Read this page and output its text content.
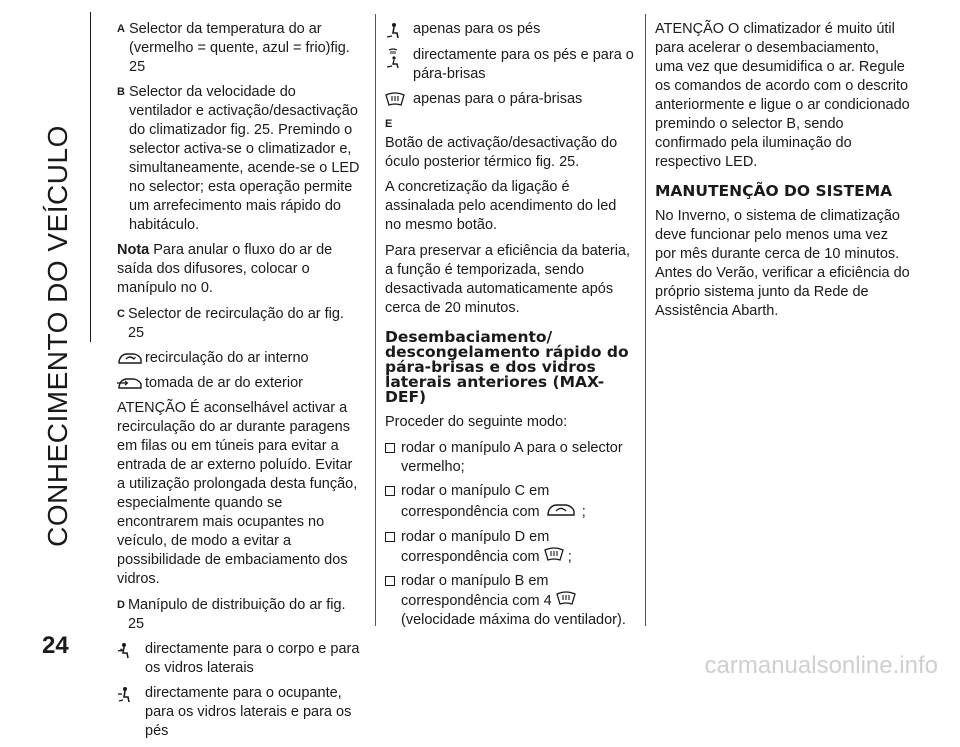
CONHECIMENTO DO VEÍCULO
A Selector da temperatura do ar (vermelho = quente, azul = frio)fig. 25
B Selector da velocidade do ventilador e activação/desactivação do climatizador fig. 25. Premindo o selector activa-se o climatizador e, simultaneamente, acende-se o LED no selector; esta operação permite um arrefecimento mais rápido do habitáculo.

Nota Para anular o fluxo do ar de saída dos difusores, colocar o manípulo no 0.

C Selector de recirculação do ar fig. 25
recirculação do ar interno
tomada de ar do exterior

ATENÇÃO É aconselhável activar a recirculação do ar durante paragens em filas ou em túneis para evitar a entrada de ar externo poluído. Evitar a utilização prolongada desta função, especialmente quando se encontrarem mais ocupantes no veículo, de modo a evitar a possibilidade de embaciamento dos vidros.

D Manípulo de distribuição do ar fig. 25
directamente para o corpo e para os vidros laterais
directamente para o ocupante, para os vidros laterais e para os pés
apenas para os pés
directamente para os pés e para o pára-brisas
apenas para o pára-brisas
E
Botão de activação/desactivação do óculo posterior térmico fig. 25.

A concretização da ligação é assinalada pelo acendimento do led no mesmo botão.

Para preservar a eficiência da bateria, a função é temporizada, sendo desactivada automaticamente após cerca de 20 minutos.

Desembaciamento/ descongelamento rápido do pára-brisas e dos vidros laterais anteriores (MAX-DEF)

Proceder do seguinte modo:

rodar o manípulo A para o selector vermelho;
rodar o manípulo C em correspondência com	;
rodar o manípulo D em correspondência com ;
rodar o manípulo B em correspondência com 4  (velocidade máxima do ventilador).

ATENÇÃO O climatizador é muito útil para acelerar o desembaciamento, uma vez que desumidifica o ar. Regule os comandos de acordo com o descrito anteriormente e ligue o ar condicionado premindo o selector B, sendo confirmado pela iluminação do respectivo LED.

MANUTENÇÃO DO SISTEMA

No Inverno, o sistema de climatização deve funcionar pelo menos uma vez por mês durante cerca de 10 minutos. Antes do Verão, verificar a eficiência do próprio sistema junto da Rede de Assistência Abarth.

24
carmanualsonline.info
